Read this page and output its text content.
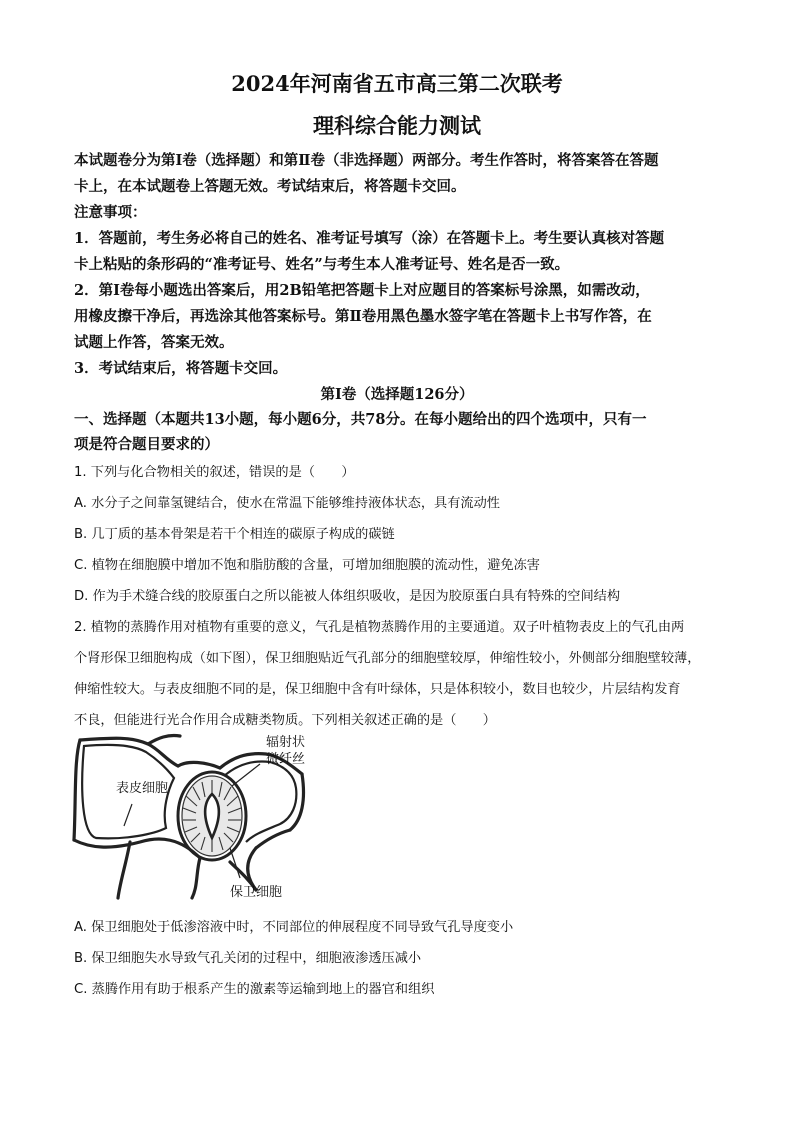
2024年河南省五市高三第二次联考
理科综合能力测试
本试题卷分为第Ⅰ卷（选择题）和第Ⅱ卷（非选择题）两部分。考生作答时，将答案答在答题
卡上，在本试题卷上答题无效。考试结束后，将答题卡交回。
注意事项：
1．答题前，考生务必将自己的姓名、准考证号填写（涂）在答题卡上。考生要认真核对答题
卡上粘贴的条形码的“准考证号、姓名”与考生本人准考证号、姓名是否一致。
2．第Ⅰ卷每小题选出答案后，用2B铅笔把答题卡上对应题目的答案标号涂黑，如需改动，
用橡皮擦干净后，再选涂其他答案标号。第Ⅱ卷用黑色墨水签字笔在答题卡上书写作答，在
试题上作答，答案无效。
3．考试结束后，将答题卡交回。
第Ⅰ卷（选择题126分）
一、选择题（本题共13小题，每小题6分，共78分。在每小题给出的四个选项中，只有一
项是符合题目要求的）
1. 下列与化合物相关的叙述，错误的是（　　）
A. 水分子之间靠氢键结合，使水在常温下能够维持液体状态，具有流动性
B. 几丁质的基本骨架是若干个相连的碳原子构成的碳链
C. 植物在细胞膜中增加不饱和脂肪酸的含量，可增加细胞膜的流动性，避免冻害
D. 作为手术缝合线的胶原蛋白之所以能被人体组织吸收，是因为胶原蛋白具有特殊的空间结构
2. 植物的蒸腾作用对植物有重要的意义，气孔是植物蒸腾作用的主要通道。双子叶植物表皮上的气孔由两
个肾形保卫细胞构成（如下图），保卫细胞贴近气孔部分的细胞壁较厚，伸缩性较小，外侧部分细胞壁较薄，
伸缩性较大。与表皮细胞不同的是，保卫细胞中含有叶绿体，只是体积较小，数目也较少，片层结构发育
不良，但能进行光合作用合成糖类物质。下列相关叙述正确的是（　　）
辐射状
微纤丝
表皮细胞
保卫细胞
A. 保卫细胞处于低渗溶液中时，不同部位的伸展程度不同导致气孔导度变小
B. 保卫细胞失水导致气孔关闭的过程中，细胞液渗透压减小
C. 蒸腾作用有助于根系产生的激素等运输到地上的器官和组织
